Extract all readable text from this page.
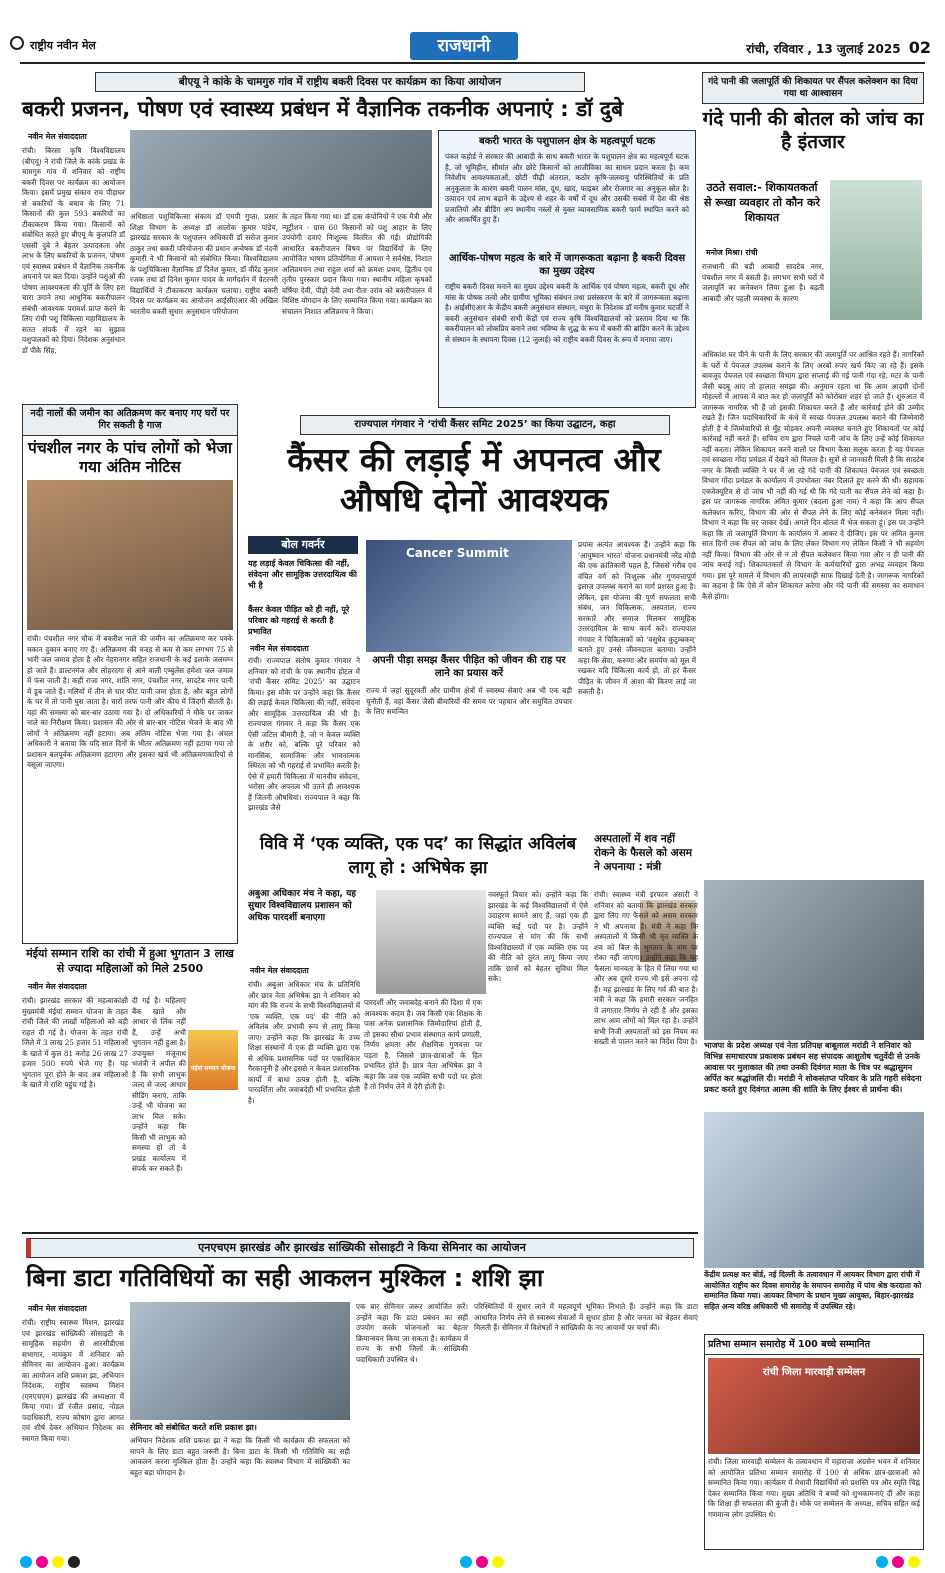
राष्ट्रीय नवीन मेल	राजधानी	रांची, रविवार , 13 जुलाई 2025 02
बीएयू ने कांके के चामगुरु गांव में राष्ट्रीय बकरी दिवस पर कार्यक्रम का किया आयोजन
बकरी प्रजनन, पोषण एवं स्वास्थ्य प्रबंधन में वैज्ञानिक तकनीक अपनाएं : डॉ दुबे
नवीन मेल संवाददाता
रांची। बिरसा कृषि विश्वविद्यालय (बीएयू) ने रांची जिले के कांके प्रखंड के चामगुरु गांव में शनिवार को राष्ट्रीय बकरी दिवस पर कार्यक्रम का आयोजन किया। इसमें प्रमुख संकाय राम पीड़ाघर से बकरियों के बचाव के लिए 71 किसानों की कुल 593 बकरियों का टीकाकरण किया गया। किसानों को संबोधित करते हुए बीएयू के कुलपति डॉ एससी दुबे ने बेहतर उत्पादकता और लाभ के लिए बकरियों के प्रजनन, पोषण एवं स्वास्थ्य प्रबंधन में वैज्ञानिक तकनीक अपनाने पर बल दिया। उन्होंने पशुओं की पोषण आवश्यकता की पूर्ति के लिए हरा चारा उगाने तथा आधुनिक बकरीपालन संबंधी आवश्यक परामर्श प्राप्त करने के लिए रांची पशु चिकित्सा महाविद्यालय के सतत संपर्क में रहने का सुझाव पशुपालकों को दिया। निदेशक अनुसंधान डॉ पीके सिंह,
अधिष्ठाता पशुचिकित्सा संकाय डॉ एमपी गुप्ता, प्रसार शिक्षा विभाग के अध्यक्ष डॉ आलोक कुमार पांडेय, झारखंड सरकार के पशुपालन अधिकारी डॉ सरोज कुमार ठाकुर तथा बकरी परियोजना की प्रधान अन्वेषक डॉ नंदनी कुमारी ने भी किसानों को संबोधित किया। विश्वविद्यालय के पशुचिकित्सा वैज्ञानिक डॉ दिनेश कुमार, डॉ वीरेंद्र कुमार रजक तथा डॉ दिनेश कुमार यादव के मार्गदर्शन में वेटरनरी विद्यार्थियों ने टीकाकरण कार्यक्रम चलाया। राष्ट्रीय बकरी दिवस पर कार्यक्रम का आयोजन आईसीएआर की अखिल भारतीय बकरी सुधार अनुसंधान परियोजना
के तहत किया गया था। डॉ दास कंपोनियों ने एक मैत्री और न्यूट्रीशन - ग्रास 60 किसानों को पशु आहार के लिए उपयोगी दवाएं निःशुल्क वितरित की गई। प्रौद्योगिकी आधारित बकरीपालन विषय पर विद्यार्थियों के लिए आयोजित भाषण प्रतियोगिता में आयशा ने सर्वश्रेष्ठ, निशात अलिव्रमचन तथा राहुल शर्मा को क्रमशः प्रथम, द्वितीय एवं तृतीय पुरस्कार प्रदान किया गया। स्थानीय महिला कृषकों वर्षिया देवी, पीड़ो देवी तथा रीता उरांव को बकरीपालन में विशिष्ट योगदान के लिए सम्मानित किया गया। कार्यक्रम का संचालन निशात अलिव्रमच ने किया।
बकरी भारत के पशुपालन क्षेत्र के महत्वपूर्ण घटक
पंक्ज कहोर्ड ने सरकार की आबादी के साथ बकरी भारत के पशुपालन क्षेत्र का महत्वपूर्ण घटक है, जो भूमिहीन, सीमांत और छोटे किसानों को आजीविका का साधन प्रदान करता है। कम निवेशीय आवश्यकताओं, छोटी पीढ़ी अंतराल, कठोर कृषि-जलवायु परिस्थितियों के प्रति अनुकूलता के कारण बकरी पालन मांस, दूध, खाद, फाइबर और रोजगार का अनुकूल स्रोत है। उत्पादन एवं लाभ बढ़ाने के उद्देश्य से शहर के वर्षों में दूध और उसकी सबसे में देश की श्रेष्ठ प्रजातियों और ब्रीडिंग अप स्थानीय नस्लों से युक्त व्यावसायिक बकरी फार्म स्थापित करने को और आकर्षित हुए हैं।
आर्थिक-पोषण महत्व के बारे में जागरूकता बढ़ाना है बकरी दिवस का मुख्य उद्देश्य
राष्ट्रीय बकरी दिवस मनाने का मुख्य उद्देश्य बकरी के आर्थिक एवं पोषण महत्व, बकरी दूध और मांस के पोषक तत्वों और ग्रामीण भूमिका संबंधन तथा प्रसंस्करण के बारे में जागरूकता बढ़ाना है। आईसीएआर के केंद्रीय बकरी अनुसंधान संस्थान, मथुरा के निदेशक डॉ मनीष कुमार चटर्जी ने बकरी अनुसंधान संबंधी सभी केंद्रों एवं राज्य कृषि विश्वविद्यालयों को प्रस्ताव दिया था कि बकरीपालन को लोकप्रिय बनाने तथा भविष्य के शुद्ध के रूप में बकरी की ब्रांडिंग करने के उद्देश्य से संस्थान के स्थापना दिवस (12 जुलाई) को राष्ट्रीय बकरी दिवस के रूप में मनाया जाए।
गंदे पानी की जलापूर्ति की शिकायत पर सैंपल कलेक्शन का दिया गया था आश्वासन
गंदे पानी की बोतल को जांच का है इंतजार
उठते सवाल:- शिकायतकर्ता से रूखा व्यवहार तो कौन करे शिकायत
मनोज मिश्रा। रांची
राजधानी की बड़ी आबादी सादटेब नगर, पंचशील नगर में बसती है। लगभग सभी घरों में जलापूर्ति का कनेक्शन लिया हुआ है। बढ़ती आबादी और पहली व्यवस्था के कारण
अधिकांश घर पीने के पानी के लिए सरकार की जलापूर्ति पर आश्रित रहते हैं। नागरिकों के घरों में पेयजल उपलब्ध कराने के लिए अरबों रुपए खर्च किए जा रहे हैं। इसके बावजूद पेयजल एवं स्वच्छता विभाग द्वारा सप्लाई की गई पानी गंदा रहे, मटर के पानी जैसी बदबू आए तो हालात समझा की। अनुमान रहता था कि आम आदमी दोनों मोहल्लों में आपस में बात कर हो जलापूर्ति को कोरोबार शहर हो जाते हैं। शुरुआत में जागरूक नागरिक भी हैं जो इसकी शिकायत करते हैं और कार्रवाई होने की उम्मीद रखते हैं। जिन पदाधिकारियों के कंधे में स्वच्छ पेयजल उपलब्ध कराने की जिम्मेवारी होती है वे जिम्मेवारियों से मुँह मोड़कर अपनी व्यवस्था बनाते हुए शिकायतों पर कोई कार्रवाई नहीं करते हैं। सचिव राय द्वारा निचले पानी जांच के लिए उन्हें कोई शिकायत नहीं करता। लेकिन शिकायत करने वालों पर विभाग कैसा सलूक करता है यह पेयजल एवं स्वच्छता गोंदा प्रमंडल में देखने को मिलता है। सूत्रों से जानकारी मिली है कि सादटेब नगर के किसी व्यक्ति ने घर में आ रहे गंदे पानी की शिकायत पेयजल एवं स्वच्छता विभाग गोंदा प्रमंडल के कार्यालय में उपभोक्ता नंबर दिलाते हुए करने की थी। सहायक एक्जेक्यूटिव से दो जांच भी नहीं की गई थी कि गंदे पानी का सैंपल लेने को कहा है। इस पर जागरूक नागरिक अमित कुमार (बदला हुआ नाम) ने कहा कि आप सैंपल कलेक्शन करिए, विभाग की ओर से सैंपल लेने के लिए कोई कनेक्शन मिला नहीं। विभाग ने कहा कि घर जाकर देखें। अगले दिन बोतल मैं भेज सकता हूं। इस पर उन्होंने कहा कि तो जलापूर्ति विभाग के कार्यालय में आकर दे दीजिए। इस पर अमित कुमार सात दिनों तक सैंपल को जांच के लिए लेकर विभाग गए लेकिन किसी ने भी सहयोग नहीं किया। विभाग की ओर से न तो सैंपल कलेक्शन किया गया और न ही पानी की जांच कराई गई। शिकायतकर्ता से विभाग के कर्मचारियों द्वारा अभद्र व्यवहार किया गया। इस पूरे मामले में विभाग की लापरवाही साफ दिखाई देती है। जागरूक नागरिकों का कहना है कि ऐसे में कौन शिकायत करेगा और गंदे पानी की समस्या का समाधान कैसे होगा।
नदी नालों की जमीन का अतिक्रमण कर बनाए गए घरों पर गिर सकती है गाज
पंचशील नगर के पांच लोगों को भेजा गया अंतिम नोटिस
रांची। पंचशील नगर चौक में बकरीश नाले की जमीन का अतिक्रमण कर पक्के मकान दुकान बनाए गए हैं। अतिक्रमण की वजह से कम से कम लगभग 75 से भारी जल जमाव होता है और नेहरानगर सहित राजधानी के कई इलाके जलमग्न हो जाते हैं। डाल्टनगंज और लोहरदगा से आने वाली एम्बुलेंस हमेशा जल जमाव में फंस जाती है। कहीं राजा नगर, शांति नगर, पंचशील नगर, सादटेब नगर पानी में डूब जाते हैं। गलियों में तीन से चार फीट पानी जमा होता है, और बहुत लोगों के घर में तो पानी घुस जाता है। चारों तरफ पानी और कीच में जिंदगी बीतती है। यहां की समस्या को बार-बार उठाया गया है। दो अधिकारियों ने मौके पर जाकर नाले का निरीक्षण किया। प्रशासन की ओर से बार-बार नोटिस भेजने के बाद भी लोगों ने अतिक्रमण नहीं हटाया। अब अंतिम नोटिस भेजा गया है। अंचल अधिकारी ने बताया कि यदि सात दिनों के भीतर अतिक्रमण नहीं हटाया गया तो प्रशासन बलपूर्वक अतिक्रमण हटाएगा और इसका खर्च भी अतिक्रमणकारियों से वसूला जाएगा।
राज्यपाल गंगवार ने ‘रांची कैंसर समिट 2025’ का किया उद्घाटन, कहा
कैंसर की लड़ाई में अपनत्व और औषधि दोनों आवश्यक
बोल गवर्नर
यह लड़ाई केवल चिकित्सा की नहीं, संवेदना और सामूहिक उत्तरदायित्व की भी है
कैंसर केवल पीड़ित को ही नहीं, पूरे परिवार को गहराई से करती है प्रभावित
नवीन मेल संवाददाता
Cancer Summit
अपनी पीड़ा समझ कैंसर पीड़ित को जीवन की राह पर लाने का प्रयास करें
रांची। राज्यपाल संतोष कुमार गंगवार ने शनिवार को रांची के एक स्थानीय होटल में 'रांची कैंसर समिट 2025' का उद्घाटन किया। इस मौके पर उन्होंने कहा कि कैंसर की लड़ाई केवल चिकित्सा की नहीं, संवेदना और सामूहिक उत्तरदायित्व की भी है। राज्यपाल गंगवार ने कहा कि कैंसर एक ऐसी जटिल बीमारी है, जो न केवल व्यक्ति के शरीर को, बल्कि पूरे परिवार को मानसिक, सामाजिक और भावनात्मक स्थिरता को भी गहराई से प्रभावित करती है। ऐसे में हमारी चिकित्सा में मानवीय संवेदना, भरोसा और अपनत्व भी उतने ही आवश्यक हैं जितनी औषधियां। राज्यपाल ने कहा कि झारखंड जैसे
प्रयास अत्यंत आवश्यक हैं। उन्होंने कहा कि 'आयुष्मान भारत' योजना प्रधानमंत्री नरेंद्र मोदी की एक क्रांतिकारी पहल है, जिससे गरीब एवं वंचित वर्ग को निःशुल्क और गुणवत्तापूर्ण इलाज उपलब्ध कराने का मार्ग प्रशस्त हुआ है। लेकिन, इस योजना की पूर्ण सफलता सभी संबंध, जन चिकित्सक, अस्पताल, राज्य सरकारें और समाज मिलकर सामूहिक उत्तरदायित्व के साथ कार्य करें। राज्यपाल गंगवार ने चिकित्सकों को 'वसुधैव कुटुम्बकम्' बताते हुए उनसे जीवनदाता बताया। उन्होंने कहा कि सेवा, करुणा और समर्पण को मूल में रखकर यदि चिकित्सा कार्य हो, तो हर कैंसर पीड़ित के जीवन में आशा की किरण लाई जा सकती है।
राज्य में जहां सुदूरवर्ती और ग्रामीण क्षेत्रों में स्वास्थ्य सेवाएं अब भी एक बड़ी चुनौती हैं, वहां कैंसर जैसी बीमारियों की समय पर पहचान और समुचित उपचार के लिए समन्वित
विवि में ‘एक व्यक्ति, एक पद’ का सिद्धांत अविलंब लागू हो : अभिषेक झा
अबुआ अधिकार मंच ने कहा, यह सुधार विश्वविद्यालय प्रशासन को अधिक पारदर्शी बनाएगा
नवीन मेल संवाददाता
रांची। अबुआ अधिकार मंच के प्रतिनिधि और छात्र नेता अभिषेक झा ने शनिवार को मांग की कि राज्य के सभी विश्वविद्यालयों में 'एक व्यक्ति, एक पद' की नीति को अविलंब और प्रभावी रूप से लागू किया जाए। उन्होंने कहा कि झारखंड के उच्च शिक्षा संस्थानों में एक ही व्यक्ति द्वारा एक से अधिक प्रशासनिक पदों पर एकाधिकार गैरकानूनी है और इससे न केवल प्रशासनिक कार्यों में बाधा उत्पन्न होती है, बल्कि पारदर्शिता और जवाबदेही भी प्रभावित होती है।
पारदर्शी और जवाबदेह बनाने की दिशा में एक आवश्यक कदम है। जब किसी एक शिक्षक के पास अनेक प्रशासनिक जिम्मेदारियां होती हैं, तो इसका सीधा प्रभाव संस्थागत कार्य प्रणाली, निर्णय क्षमता और शैक्षणिक गुणवत्ता पर पड़ता है, जिससे छात्र-छात्राओं के हित प्रभावित होते हैं। छात्र नेता अभिषेक झा ने कहा कि जब एक व्यक्ति सभी पदों पर होता है तो निर्णय लेने में देरी होती है।
नवस्फूर्त विचार को। उन्होंने कहा कि झारखंड के कई विश्वविद्यालयों में ऐसे उदाहरण सामने आए हैं, जहां एक ही व्यक्ति कई पदों पर है। उन्होंने राज्यपाल से मांग की कि सभी विश्वविद्यालयों में एक व्यक्ति एक पद की नीति को तुरंत लागू किया जाए ताकि छात्रों को बेहतर सुविधा मिल सके।
अस्पतालों में शव नहीं रोकने के फैसले को असम ने अपनाया : मंत्री
रांची। स्वास्थ्य मंत्री इरफान अंसारी ने शनिवार को बताया कि झारखंड सरकार द्वारा लिए गए फैसले को असम सरकार ने भी अपनाया है। मंत्री ने कहा कि अस्पतालों में किसी भी मृत व्यक्ति के शव को बिल के भुगतान के नाम पर रोका नहीं जाएगा। उन्होंने कहा कि यह फैसला मानवता के हित में लिया गया था और अब दूसरे राज्य भी इसे अपना रहे हैं। यह झारखंड के लिए गर्व की बात है। मंत्री ने कहा कि हमारी सरकार जनहित में लगातार निर्णय ले रही है और इसका लाभ आम लोगों को मिल रहा है। उन्होंने सभी निजी अस्पतालों को इस नियम का सख्ती से पालन करने का निर्देश दिया है।
मंईयां सम्मान राशि का रांची में हुआ भुगतान 3 लाख से ज्यादा महिलाओं को मिले 2500
नवीन मेल संवाददाता
रांची। झारखंड सरकार की महत्वाकांक्षी मुख्यमंत्री मंईयां सम्मान योजना के तहत रांची जिले की लाखों महिलाओं को बड़ी राहत दी गई है। योजना के तहत रांची जिले में 3 लाख 25 हजार 51 महिलाओं के खाते में कुल 81 करोड़ 26 लाख 27 हजार 500 रुपये भेजे गए हैं। यह भुगतान पूरा होने के बाद अब महिलाओं के खाते में राशि पहुंच गई है।
मंईयां सम्मान योजना
दी गई है। महिलाएं बैंक खाते और आधार से लिंक नहीं हैं, उन्हें अभी भुगतान नहीं हुआ है। उपायुक्त मंजूनाथ भजंत्री ने अपील की है कि सभी लाभुक जल्द से जल्द आधार सीडिंग कराएं, ताकि उन्हें भी योजना का लाभ मिल सके। उन्होंने कहा कि किसी भी लाभुक को समस्या हो तो वे प्रखंड कार्यालय में संपर्क कर सकते हैं।
भाजपा के प्रदेश अध्यक्ष एवं नेता प्रतिपक्ष बाबूलाल मरांडी ने शनिवार को विभिन्न समाचारपत्र प्रकाशक प्रबंधन सह संपादक आशुतोष चतुर्वेदी से उनके आवास पर मुलाकात की तथा उनकी दिवंगत माता के चित्र पर श्रद्धासुमन अर्पित कर श्रद्धांजलि दी। मरांडी ने शोकसंतप्त परिवार के प्रति गहरी संवेदना प्रकट करते हुए दिवंगत आत्मा की शांति के लिए ईश्वर से प्रार्थना की।
केंद्रीय प्रत्यक्ष कर बोर्ड, नई दिल्ली के तत्वावधान में आयकर विभाग द्वारा रांची में आयोजित राष्ट्रीय कर दिवस समारोह के समापन समारोह में पांच श्रेष्ठ करदाता को सम्मानित किया गया। आयकर विभाग के प्रधान मुख्य आयुक्त, बिहार-झारखंड सहित अन्य वरिष्ठ अधिकारी भी समारोह में उपस्थित रहे।
एनएचएम झारखंड और झारखंड सांख्यिकी सोसाइटी ने किया सेमिनार का आयोजन
बिना डाटा गतिविधियों का सही आकलन मुश्किल : शशि झा
नवीन मेल संवाददाता
रांची। राष्ट्रीय स्वास्थ्य मिशन, झारखंड एवं झारखंड सांख्यिकी सोसाइटी के सामूहिक सहयोग से आरसीडीएस सभागार, नामकुम में शनिवार को सेमिनार का आयोजन हुआ। कार्यक्रम का आयोजन शशि प्रकाश झा, अभियान निदेशक, राष्ट्रीय स्वास्थ्य मिशन (एनएचएम) झारखंड की अध्यक्षता में किया गया। डॉ रंजीत प्रसाद, नोडल पदाधिकारी, राज्य कोषांग द्वारा आगत एवं शीर्ष देकर अभियान निदेशक का स्वागत किया गया।
सेमिनार को संबोधित करते शशि प्रकाश झा।
अभियान निदेशक शशि प्रकाश झा ने कहा कि किसी भी कार्यक्रम की सफलता को मापने के लिए डाटा बहुत जरूरी है। बिना डाटा के किसी भी गतिविधि का सही आकलन करना मुश्किल होता है। उन्होंने कहा कि स्वास्थ्य विभाग में सांख्यिकी का बहुत बड़ा योगदान है।
एक बार सेमिनार जरूर आयोजित करें। उन्होंने कहा कि डाटा प्रबंधन का सही उपयोग करके योजनाओं का बेहतर क्रियान्वयन किया जा सकता है। कार्यक्रम में राज्य के सभी जिलों के सांख्यिकी पदाधिकारी उपस्थित थे।
परिस्थितियों में सुधार लाने में महत्वपूर्ण भूमिका निभाते हैं। उन्होंने कहा कि डाटा आधारित निर्णय लेने से स्वास्थ्य सेवाओं में सुधार होता है और जनता को बेहतर सेवाएं मिलती हैं। सेमिनार में विशेषज्ञों ने सांख्यिकी के नए आयामों पर चर्चा की।
प्रतिभा सम्मान समारोह में 100 बच्चे सम्मानित
रांची जिला मारवाड़ी सम्मेलन
रांची। जिला मारवाड़ी सम्मेलन के तत्वावधान में महाराजा अग्रसेन भवन में शनिवार को आयोजित प्रतिभा सम्मान समारोह में 100 से अधिक छात्र-छात्राओं को सम्मानित किया गया। कार्यक्रम में मेधावी विद्यार्थियों को प्रशस्ति पत्र और स्मृति चिह्न देकर सम्मानित किया गया। मुख्य अतिथि ने बच्चों को शुभकामनाएं दीं और कहा कि शिक्षा ही सफलता की कुंजी है। मौके पर सम्मेलन के अध्यक्ष, सचिव सहित कई गणमान्य लोग उपस्थित थे।
